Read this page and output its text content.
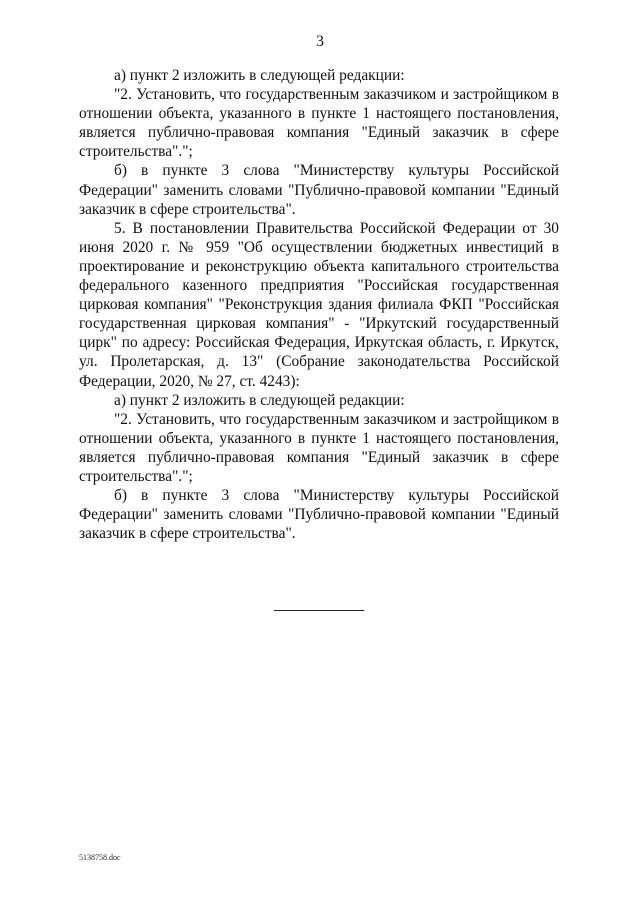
3

а) пункт 2 изложить в следующей редакции:

"2. Установить, что государственным заказчиком и застройщиком в отношении объекта, указанного в пункте 1 настоящего постановления, является публично-правовая компания "Единый заказчик в сфере строительства".";

б) в пункте 3 слова "Министерству культуры Российской Федерации" заменить словами "Публично-правовой компании "Единый заказчик в сфере строительства".

5. В постановлении Правительства Российской Федерации от 30 июня 2020 г. № 959 "Об осуществлении бюджетных инвестиций в проектирование и реконструкцию объекта капитального строительства федерального казенного предприятия "Российская государственная цирковая компания" "Реконструкция здания филиала ФКП "Российская государственная цирковая компания" - "Иркутский государственный цирк" по адресу: Российская Федерация, Иркутская область, г. Иркутск, ул. Пролетарская, д. 13" (Собрание законодательства Российской Федерации, 2020, № 27, ст. 4243):

а) пункт 2 изложить в следующей редакции:

"2. Установить, что государственным заказчиком и застройщиком в отношении объекта, указанного в пункте 1 настоящего постановления, является публично-правовая компания "Единый заказчик в сфере строительства".";

б) в пункте 3 слова "Министерству культуры Российской Федерации" заменить словами "Публично-правовой компании "Единый заказчик в сфере строительства".

5138758.doc
